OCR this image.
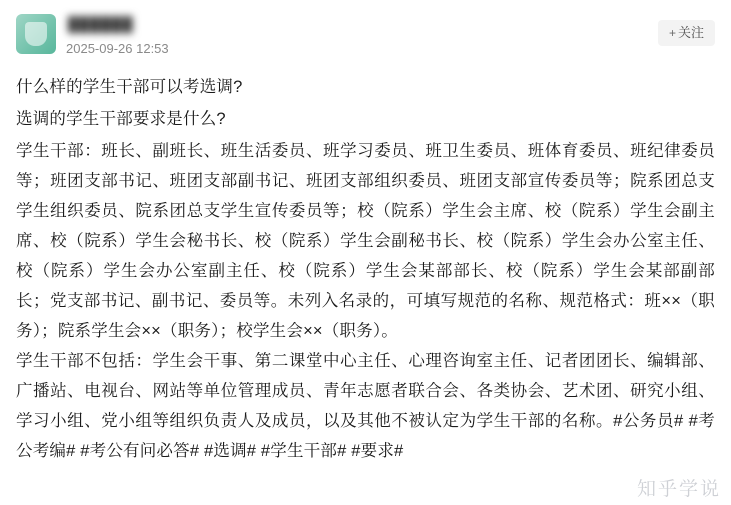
██████
2025-09-26 12:53
+ 关注

什么样的学生干部可以考选调?

选调的学生干部要求是什么?

学生干部：班长、副班长、班生活委员、班学习委员、班卫生委员、班体育委员、班纪律委员等；班团支部书记、班团支部副书记、班团支部组织委员、班团支部宣传委员等；院系团总支学生组织委员、院系团总支学生宣传委员等；校（院系）学生会主席、校（院系）学生会副主席、校（院系）学生会秘书长、校（院系）学生会副秘书长、校（院系）学生会办公室主任、校（院系）学生会办公室副主任、校（院系）学生会某部部长、校（院系）学生会某部副部长；党支部书记、副书记、委员等。未列入名录的，可填写规范的名称、规范格式：班××（职务）；院系学生会××（职务）；校学生会××（职务）。

学生干部不包括：学生会干事、第二课堂中心主任、心理咨询室主任、记者团团长、编辑部、广播站、电视台、网站等单位管理成员、青年志愿者联合会、各类协会、艺术团、研究小组、学习小组、党小组等组织负责人及成员，以及其他不被认定为学生干部的名称。#公务员# #考公考编# #考公有问必答# #选调# #学生干部# #要求#

知乎学说
